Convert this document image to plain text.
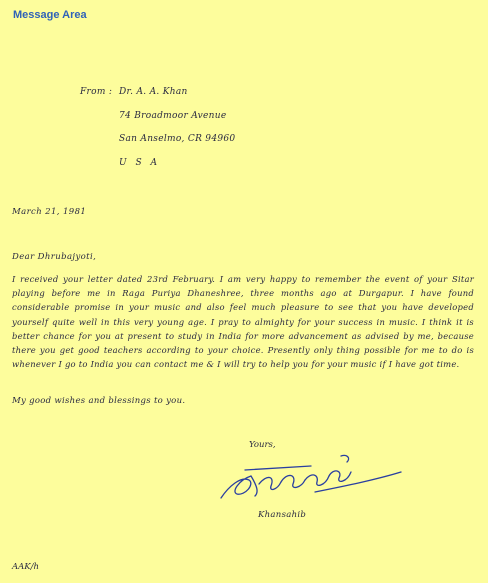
Message Area
From : Dr. A. A. Khan
74 Broadmoor Avenue
San Anselmo, CR 94960
U S A
March 21, 1981
Dear Dhrubajyoti,
I received your letter dated 23rd February. I am very happy to remember the event of your Sitar playing before me in Raga Puriya Dhaneshree, three months ago at Durgapur. I have found considerable promise in your music and also feel much pleasure to see that you have developed yourself quite well in this very young age. I pray to almighty for your success in music. I think it is better chance for you at present to study in India for more advancement as advised by me, because there you get good teachers according to your choice. Presently only thing possible for me to do is whenever I go to India you can contact me & I will try to help you for your music if I have got time.
My good wishes and blessings to you.
Yours,
Khansahib
AAK/h
